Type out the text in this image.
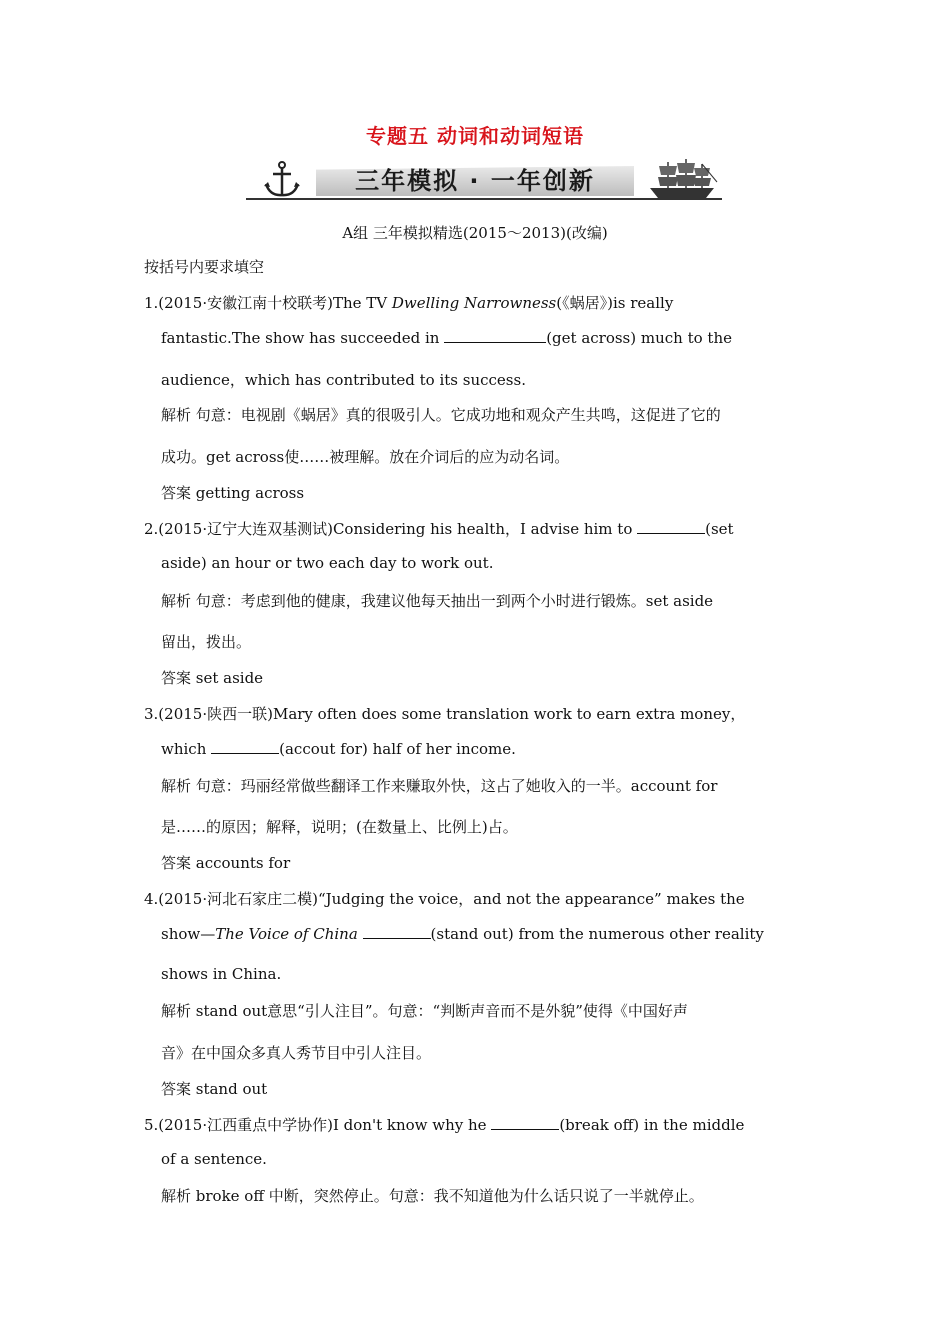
专题五 动词和动词短语
三年模拟 · 一年创新
A组 三年模拟精选(2015～2013)(改编)
按括号内要求填空
1.(2015·安徽江南十校联考)The TV Dwelling Narrowness(《蜗居》)is really
fantastic.The show has succeeded in	(get across) much to the
audience，which has contributed to its success.
解析 句意：电视剧《蜗居》真的很吸引人。它成功地和观众产生共鸣，这促进了它的
成功。get across使……被理解。放在介词后的应为动名词。
答案 getting across
2.(2015·辽宁大连双基测试)Considering his health，I advise him to	(set
aside) an hour or two each day to work out.
解析 句意：考虑到他的健康，我建议他每天抽出一到两个小时进行锻炼。set aside
留出，拨出。
答案 set aside
3.(2015·陕西一联)Mary often does some translation work to earn extra money，
which	(accout for) half of her income.
解析 句意：玛丽经常做些翻译工作来赚取外快，这占了她收入的一半。account for
是……的原因；解释，说明；(在数量上、比例上)占。
答案 accounts for
4.(2015·河北石家庄二模)“Judging the voice，and not the appearance” makes the
show—The Voice of China	(stand out) from the numerous other reality
shows in China.
解析 stand out意思“引人注目”。句意：“判断声音而不是外貌”使得《中国好声
音》在中国众多真人秀节目中引人注目。
答案 stand out
5.(2015·江西重点中学协作)I don't know why he	(break off) in the middle
of a sentence.
解析 broke off 中断，突然停止。句意：我不知道他为什么话只说了一半就停止。
